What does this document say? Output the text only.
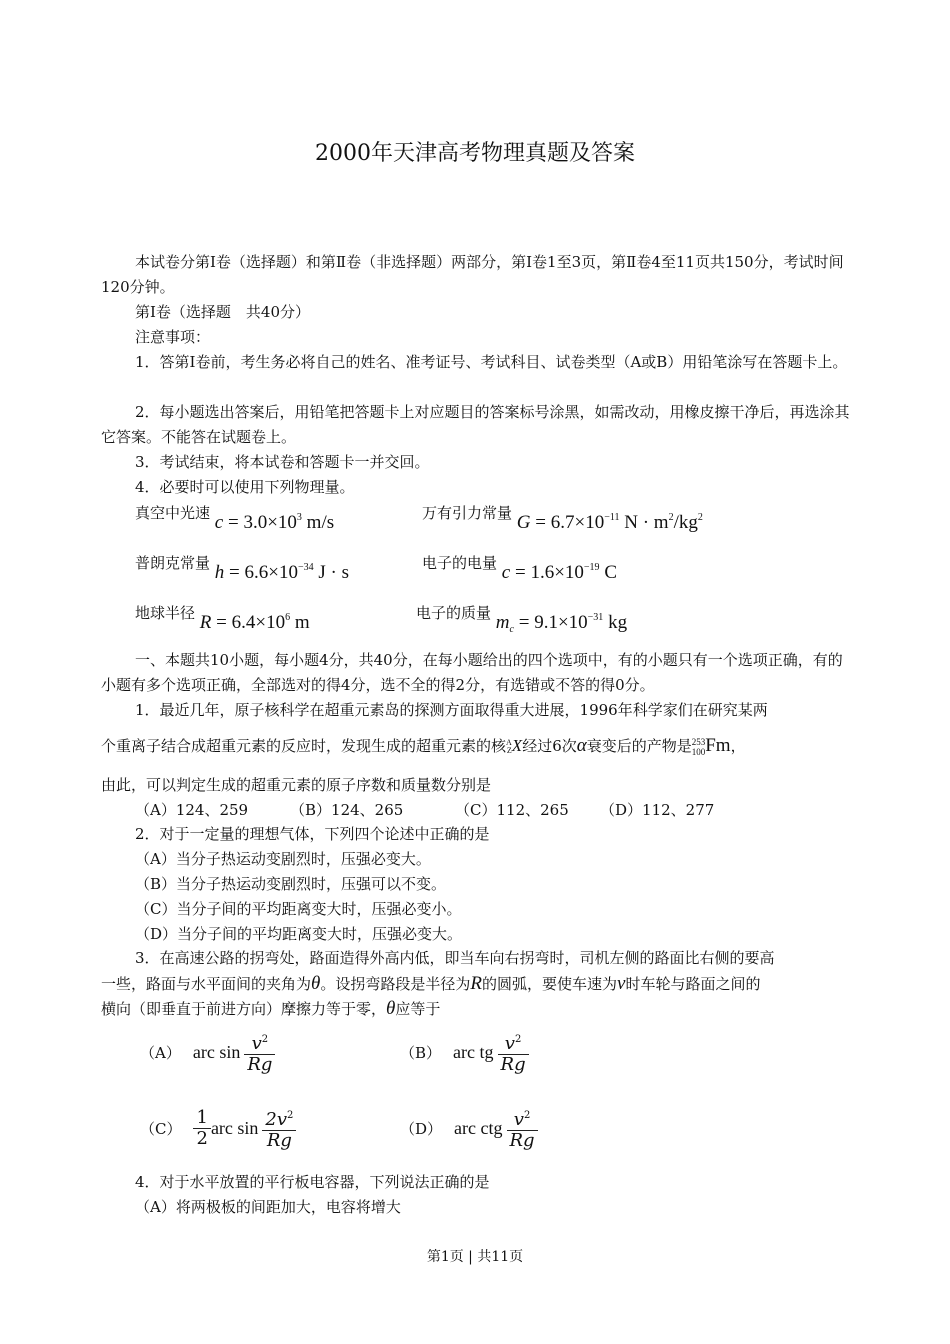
2000年天津高考物理真题及答案
本试卷分第Ⅰ卷（选择题）和第Ⅱ卷（非选择题）两部分，第Ⅰ卷1至3页，第Ⅱ卷4至11页共150分，考试时间120分钟。
第Ⅰ卷（选择题　共40分）
注意事项：
1．答第Ⅰ卷前，考生务必将自己的姓名、准考证号、考试科目、试卷类型（A或B）用铅笔涂写在答题卡上。
2．每小题选出答案后，用铅笔把答题卡上对应题目的答案标号涂黑，如需改动，用橡皮擦干净后，再选涂其它答案。不能答在试题卷上。
3．考试结束，将本试卷和答题卡一并交回。
4．必要时可以使用下列物理量。
真空中光速 $c = 3.0\times 10^3$ m/s	万有引力常量 $G = 6.7\times 10^{-11}$ $N \cdot m^2/kg^2$
普朗克常量 $h = 6.6\times 10^{-34}$ J · s	电子的电量 $c = 1.6\times 10^{-19}$ C
地球半径 $R = 6.4\times 10^6$ m	电子的质量 $m_c = 9.1\times 10^{-31}$ kg
一、本题共10小题，每小题4分，共40分，在每小题给出的四个选项中，有的小题只有一个选项正确，有的小题有多个选项正确，全部选对的得4分，选不全的得2分，有选错或不答的得0分。
1．最近几年，原子核科学在超重元素岛的探测方面取得重大进展，1996年科学家们在研究某两
个重离子结合成超重元素的反应时，发现生成的超重元素的核A
ZX经过6次α衰变后的产物是253
100Fm，
由此，可以判定生成的超重元素的原子序数和质量数分别是
（A）124、259	（B）124、265	（C）112、265 （D）112、277
2．对于一定量的理想气体，下列四个论述中正确的是
（A）当分子热运动变剧烈时，压强必变大。
（B）当分子热运动变剧烈时，压强可以不变。
（C）当分子间的平均距离变大时，压强必变小。
（D）当分子间的平均距离变大时，压强必变大。
3．在高速公路的拐弯处，路面造得外高内低，即当车向右拐弯时，司机左侧的路面比右侧的要高
一些，路面与水平面间的夹角为θ。设拐弯路段是半径为R的圆弧，要使车速为v时车轮与路面之间的
横向（即垂直于前进方向）摩擦力等于零，θ应等于
（A） arc $\sin \frac{v^2}{Rg}$	（B） arc tg $\frac{v^2}{Rg}$
$(C) \frac{1}{2}$ arc $\sin \frac{2v^2}{Rg}$	（D） arc ctg $\frac{v^2}{Rg}$
4．对于水平放置的平行板电容器，下列说法正确的是
（A）将两极板的间距加大，电容将增大
第1页 | 共11页
